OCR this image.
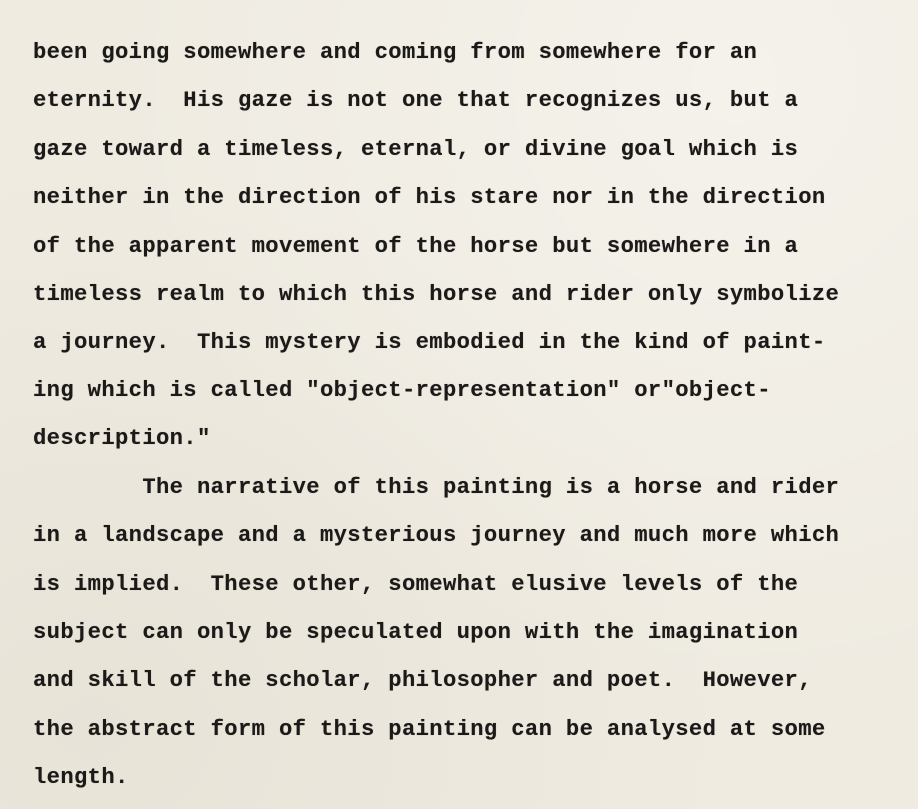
been going somewhere and coming from somewhere for an
eternity.  His gaze is not one that recognizes us, but a
gaze toward a timeless, eternal, or divine goal which is
neither in the direction of his stare nor in the direction
of the apparent movement of the horse but somewhere in a
timeless realm to which this horse and rider only symbolize
a journey.  This mystery is embodied in the kind of paint-
ing which is called "object-representation" or"object-
description."
The narrative of this painting is a horse and rider
in a landscape and a mysterious journey and much more which
is implied.  These other, somewhat elusive levels of the
subject can only be speculated upon with the imagination
and skill of the scholar, philosopher and poet.  However,
the abstract form of this painting can be analysed at some
length.
